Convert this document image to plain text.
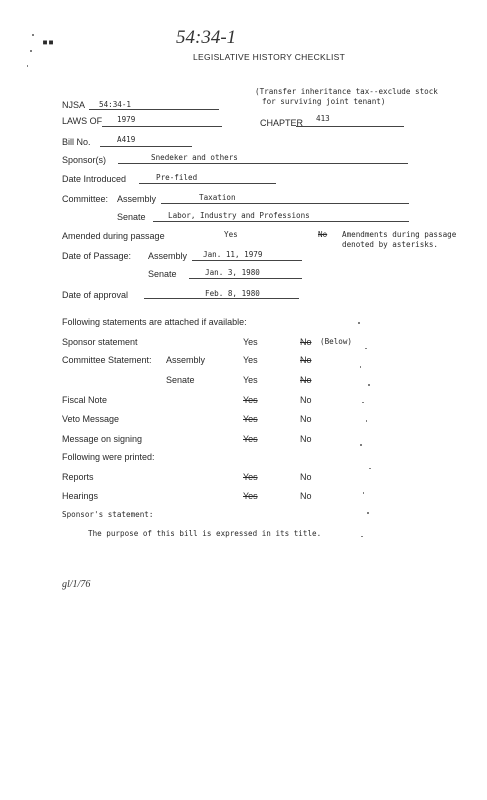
54:34-1
▪▪
LEGISLATIVE HISTORY CHECKLIST
NJSA 54:34-1
(Transfer inheritance tax--exclude stock
for surviving joint tenant)
LAWS OF 1979	CHAPTER 413
Bill No.	A419
Sponsor(s)	Snedeker and others
Date Introduced	Pre-filed
Committee: Assembly	Taxation
Senate	Labor, Industry and Professions
Amended during passage	Yes	No Amendments during passage
denoted by asterisks.
Date of Passage: Assembly Jan. 11, 1979
Senate	Jan. 3, 1980
Date of approval	Feb. 8, 1980
Following statements are attached if available:
Sponsor statement	Yes	No (Below)
Committee Statement: Assembly	Yes	No
Senate	Yes	No
Fiscal Note	Yes	No
Veto Message	Yes	No
Message on signing	Yes	No
Following were printed:
Reports	Yes	No
Hearings	Yes	No
Sponsor's statement:
The purpose of this bill is expressed in its title.
gl/1/76
